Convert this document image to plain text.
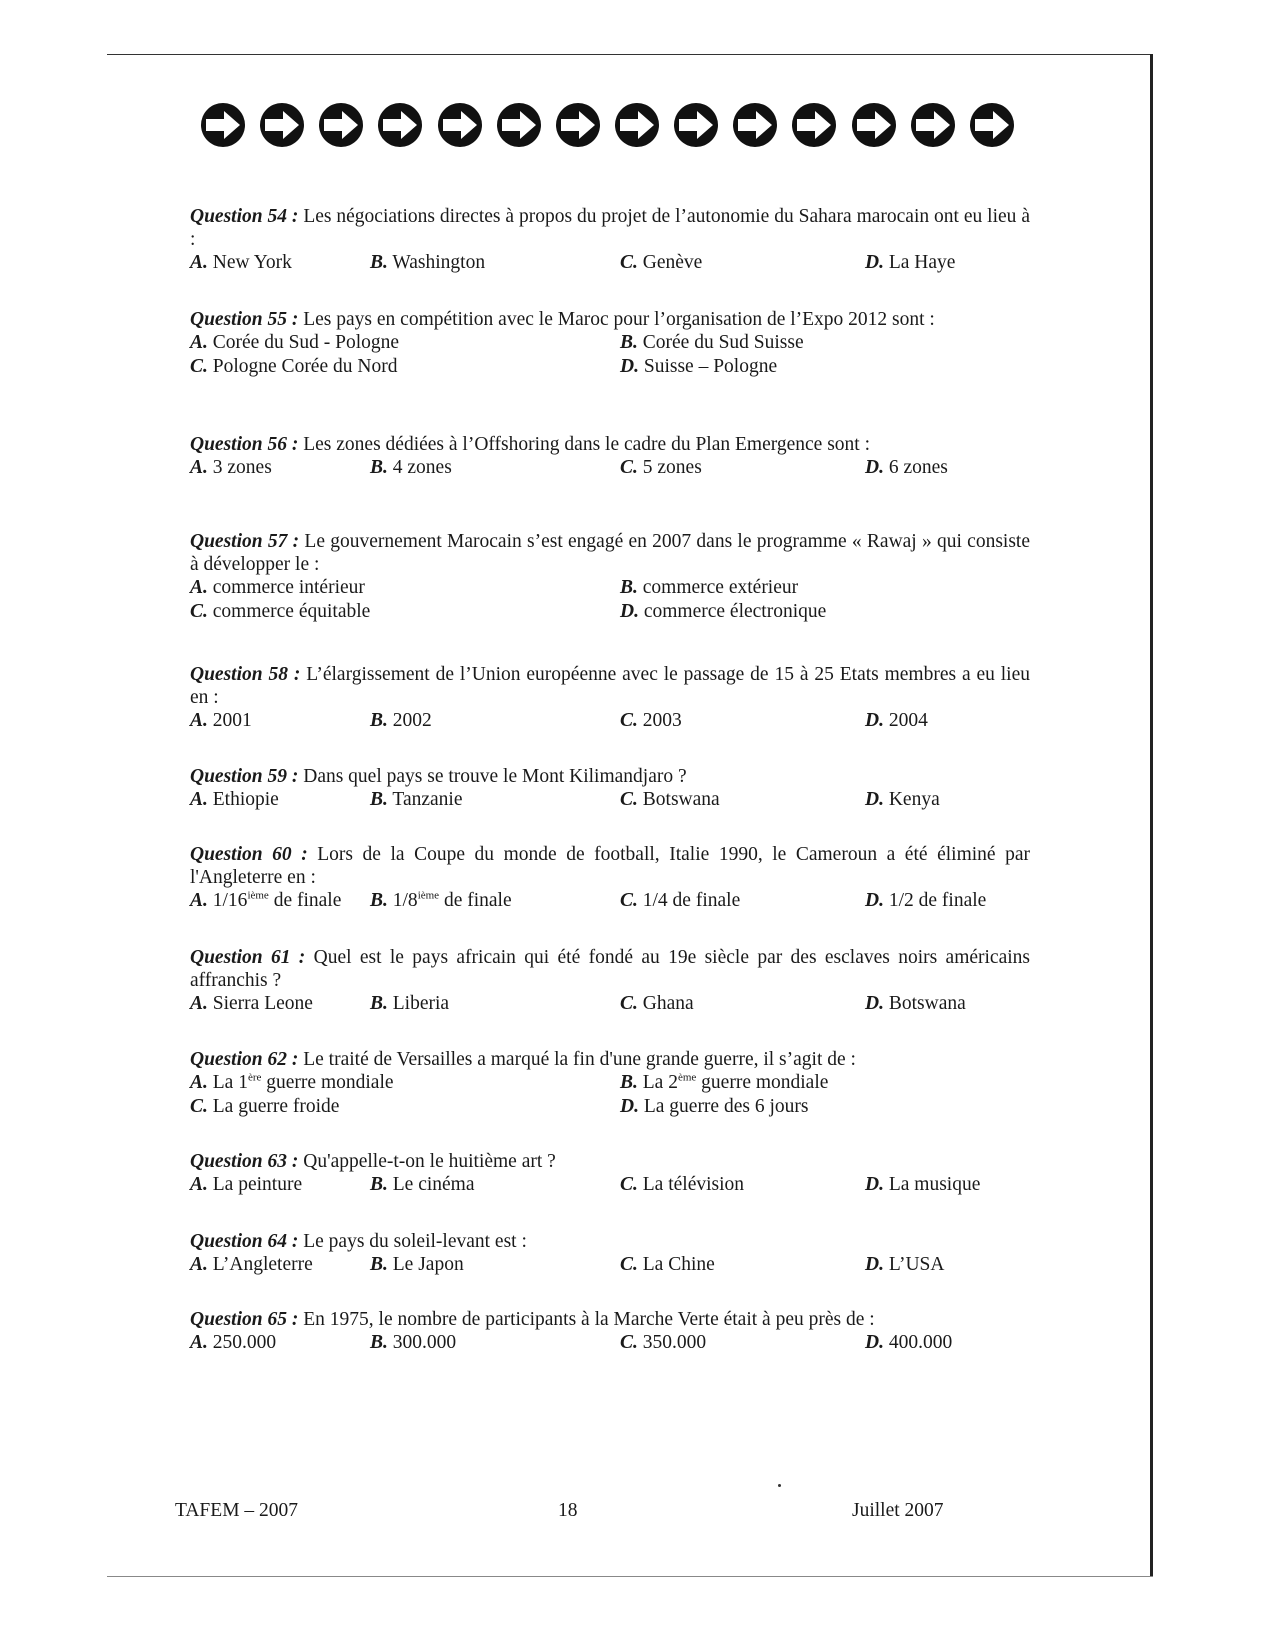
Question 54 : Les négociations directes à propos du projet de l’autonomie du Sahara marocain ont eu lieu à :

A. New York	B. Washington	C. Genève	D. La Haye

Question 55 : Les pays en compétition avec le Maroc pour l’organisation de l’Expo 2012 sont :

A. Corée du Sud - Pologne	B. Corée du Sud Suisse
C. Pologne Corée du Nord	D. Suisse – Pologne

Question 56 : Les zones dédiées à l’Offshoring dans le cadre du Plan Emergence sont :

A. 3 zones	B. 4 zones	C. 5 zones	D. 6 zones

Question 57 : Le gouvernement Marocain s’est engagé en 2007 dans le programme « Rawaj » qui consiste à développer le :

A. commerce intérieur	B. commerce extérieur
C. commerce équitable	D. commerce électronique

Question 58 : L’élargissement de l’Union européenne avec le passage de 15 à 25 Etats membres a eu lieu en :

A. 2001	B. 2002	C. 2003	D. 2004

Question 59 : Dans quel pays se trouve le Mont Kilimandjaro ?

A. Ethiopie	B. Tanzanie	C. Botswana	D. Kenya

Question 60 : Lors de la Coupe du monde de football, Italie 1990, le Cameroun a été éliminé par l'Angleterre en :

A. 1/16ième de finale B. 1/8ième de finale	C. 1/4 de finale	D. 1/2 de finale

Question 61 : Quel est le pays africain qui été fondé au 19e siècle par des esclaves noirs américains affranchis ?

A. Sierra Leone	B. Liberia	C. Ghana	D. Botswana

Question 62 : Le traité de Versailles a marqué la fin d'une grande guerre, il s’agit de :

A. La 1ère guerre mondiale	B. La 2ème guerre mondiale
C. La guerre froide	D. La guerre des 6 jours

Question 63 : Qu'appelle-t-on le huitième art ?

A. La peinture	B. Le cinéma	C. La télévision	D. La musique

Question 64 : Le pays du soleil-levant est :

A. L’Angleterre	B. Le Japon	C. La Chine	D. L’USA

Question 65 : En 1975, le nombre de participants à la Marche Verte était à peu près de :

A. 250.000	B. 300.000	C. 350.000	D. 400.000
TAFEM – 2007	18	Juillet 2007
